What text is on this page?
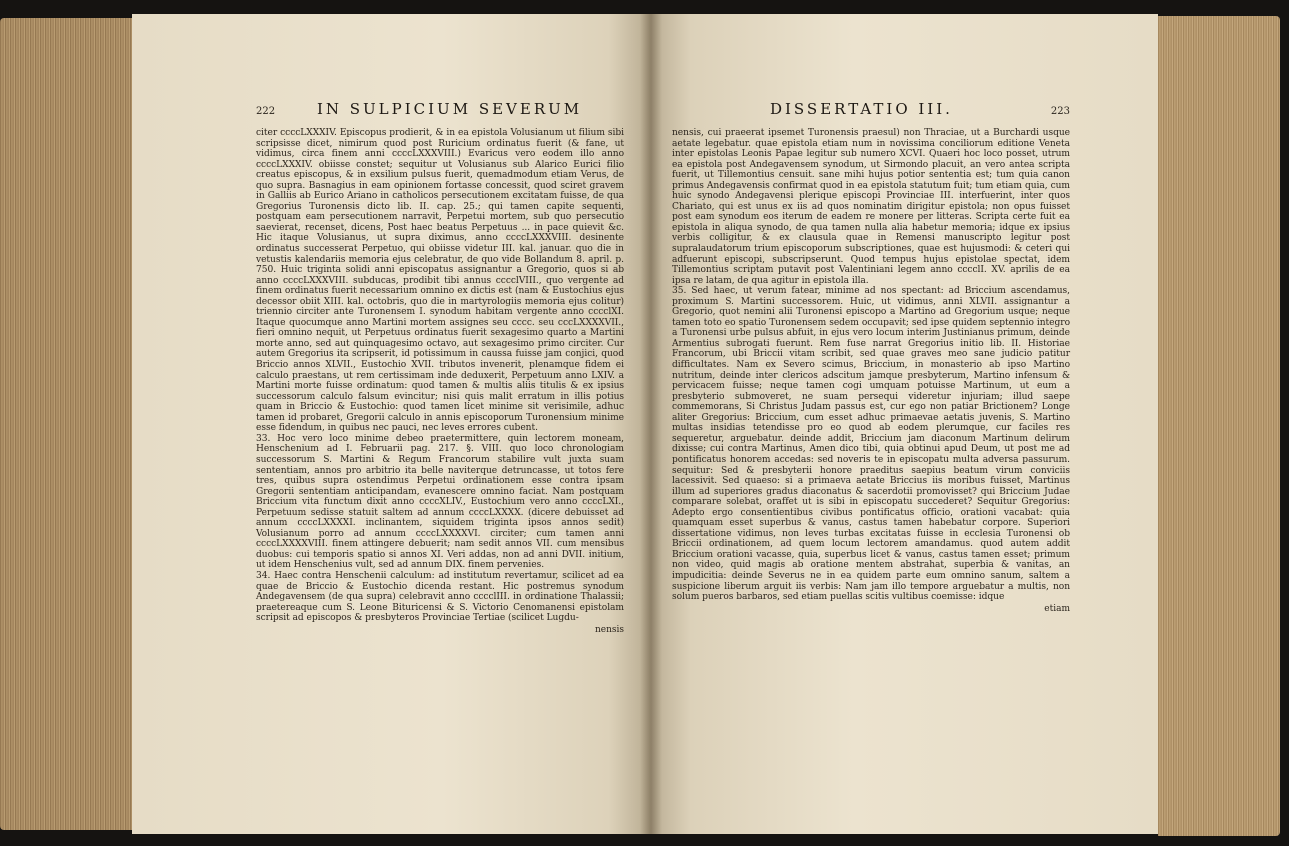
222	IN SULPICIUM SEVERUM

citer ccccLXXXIV. Episcopus prodierit, & in ea epistola Volusianum ut filium sibi scripsisse dicet, nimirum quod post Ruricium ordinatus fuerit (& fane, ut vidimus, circa finem anni ccccLXXXVIII.) Evaricus vero eodem illo anno ccccLXXXIV. obiisse constet; sequitur ut Volusianus sub Alarico Eurici filio creatus episcopus, & in exsilium pulsus fuerit, quemadmodum etiam Verus, de quo supra. Basnagius in eam opinionem fortasse concessit, quod sciret gravem in Galliis ab Eurico Ariano in catholicos persecutionem excitatam fuisse, de qua Gregorius Turonensis dicto lib. II. cap. 25.; qui tamen capite sequenti, postquam eam persecutionem narravit, Perpetui mortem, sub quo persecutio saevierat, recenset, dicens, Post haec beatus Perpetuus ... in pace quievit &c. Hic itaque Volusianus, ut supra diximus, anno ccccLXXXVIII. desinente ordinatus successerat Perpetuo, qui obiisse videtur III. kal. januar. quo die in vetustis kalendariis memoria ejus celebratur, de quo vide Bollandum 8. april. p. 750. Huic triginta solidi anni episcopatus assignantur a Gregorio, quos si ab anno ccccLXXXVIII. subducas, prodibit tibi annus cccclVIII., quo vergente ad finem ordinatus fuerit necessarium omnino ex dictis est (nam & Eustochius ejus decessor obiit XIII. kal. octobris, quo die in martyrologiis memoria ejus colitur) triennio circiter ante Turonensem I. synodum habitam vergente anno cccclXI. Itaque quocumque anno Martini mortem assignes seu cccc. seu cccLXXXXVII., fieri omnino nequit, ut Perpetuus ordinatus fuerit sexagesimo quarto a Martini morte anno, sed aut quinquagesimo octavo, aut sexagesimo primo circiter. Cur autem Gregorius ita scripserit, id potissimum in caussa fuisse jam conjici, quod Briccio annos XLVII., Eustochio XVII. tributos invenerit, plenamque fidem ei calculo praestans, ut rem certissimam inde deduxerit, Perpetuum anno LXIV. a Martini morte fuisse ordinatum: quod tamen & multis aliis titulis & ex ipsius successorum calculo falsum evincitur; nisi quis malit erratum in illis potius quam in Briccio & Eustochio: quod tamen licet minime sit verisimile, adhuc tamen id probaret, Gregorii calculo in annis episcoporum Turonensium minime esse fidendum, in quibus nec pauci, nec leves errores cubent.
33. Hoc vero loco minime debeo praetermittere, quin lectorem moneam, Henschenium ad I. Februarii pag. 217. §. VIII. quo loco chronologiam successorum S. Martini & Regum Francorum stabilire vult juxta suam sententiam, annos pro arbitrio ita belle naviterque detruncasse, ut totos fere tres, quibus supra ostendimus Perpetui ordinationem esse contra ipsam Gregorii sententiam anticipandam, evanescere omnino faciat. Nam postquam Briccium vita functum dixit anno ccccXLIV., Eustochium vero anno ccccLXI., Perpetuum sedisse statuit saltem ad annum ccccLXXXX. (dicere debuisset ad annum ccccLXXXXI. inclinantem, siquidem triginta ipsos annos sedit) Volusianum porro ad annum ccccLXXXXVI. circiter; cum tamen anni ccccLXXXXVIII. finem attingere debuerit; nam sedit annos VII. cum mensibus duobus: cui temporis spatio si annos XI. Veri addas, non ad anni DVII. initium, ut idem Henschenius vult, sed ad annum DIX. finem pervenies.
34. Haec contra Henschenii calculum: ad institutum revertamur, scilicet ad ea quae de Briccio & Eustochio dicenda restant. Hic postremus synodum Andegavensem (de qua supra) celebravit anno cccclIII. in ordinatione Thalassii; praetereaque cum S. Leone Bituricensi & S. Victorio Cenomanensi epistolam scripsit ad episcopos & presbyteros Provinciae Tertiae (scilicet Lugdu-

nensis
DISSERTATIO III.	223

nensis, cui praeerat ipsemet Turonensis praesul) non Thraciae, ut a Burchardi usque aetate legebatur. quae epistola etiam num in novissima conciliorum editione Veneta inter epistolas Leonis Papae legitur sub numero XCVI. Quaeri hoc loco posset, utrum ea epistola post Andegavensem synodum, ut Sirmondo placuit, an vero antea scripta fuerit, ut Tillemontius censuit. sane mihi hujus potior sententia est; tum quia canon primus Andegavensis confirmat quod in ea epistola statutum fuit; tum etiam quia, cum huic synodo Andegavensi plerique episcopi Provinciae III. interfuerint, inter quos Chariato, qui est unus ex iis ad quos nominatim dirigitur epistola; non opus fuisset post eam synodum eos iterum de eadem re monere per litteras. Scripta certe fuit ea epistola in aliqua synodo, de qua tamen nulla alia habetur memoria; idque ex ipsius verbis colligitur, & ex clausula quae in Remensi manuscripto legitur post supralaudatorum trium episcoporum subscriptiones, quae est hujusmodi: & ceteri qui adfuerunt episcopi, subscripserunt. Quod tempus hujus epistolae spectat, idem Tillemontius scriptam putavit post Valentiniani legem anno cccclI. XV. aprilis de ea ipsa re latam, de qua agitur in epistola illa.
35. Sed haec, ut verum fatear, minime ad nos spectant: ad Briccium ascendamus, proximum S. Martini successorem. Huic, ut vidimus, anni XLVII. assignantur a Gregorio, quot nemini alii Turonensi episcopo a Martino ad Gregorium usque; neque tamen toto eo spatio Turonensem sedem occupavit; sed ipse quidem septennio integro a Turonensi urbe pulsus abfuit, in ejus vero locum interim Justinianus primum, deinde Armentius subrogati fuerunt. Rem fuse narrat Gregorius initio lib. II. Historiae Francorum, ubi Briccii vitam scribit, sed quae graves meo sane judicio patitur difficultates. Nam ex Severo scimus, Briccium, in monasterio ab ipso Martino nutritum, deinde inter clericos adscitum jamque presbyterum, Martino infensum & pervicacem fuisse; neque tamen cogi umquam potuisse Martinum, ut eum a presbyterio submoveret, ne suam persequi videretur injuriam; illud saepe commemorans, Si Christus Judam passus est, cur ego non patiar Brictionem? Longe aliter Gregorius: Briccium, cum esset adhuc primaevae aetatis juvenis, S. Martino multas insidias tetendisse pro eo quod ab eodem plerumque, cur faciles res sequeretur, arguebatur. deinde addit, Briccium jam diaconum Martinum delirum dixisse; cui contra Martinus, Amen dico tibi, quia obtinui apud Deum, ut post me ad pontificatus honorem accedas: sed noveris te in episcopatu multa adversa passurum. sequitur: Sed & presbyterii honore praeditus saepius beatum virum conviciis lacessivit. Sed quaeso: si a primaeva aetate Briccius iis moribus fuisset, Martinus illum ad superiores gradus diaconatus & sacerdotii promovisset? qui Briccium Judae comparare solebat, oraffet ut is sibi in episcopatu succederet? Sequitur Gregorius: Adepto ergo consentientibus civibus pontificatus officio, orationi vacabat: quia quamquam esset superbus & vanus, castus tamen habebatur corpore. Superiori dissertatione vidimus, non leves turbas excitatas fuisse in ecclesia Turonensi ob Briccii ordinationem, ad quem locum lectorem amandamus. quod autem addit Briccium orationi vacasse, quia, superbus licet & vanus, castus tamen esset; primum non video, quid magis ab oratione mentem abstrahat, superbia & vanitas, an impudicitia: deinde Severus ne in ea quidem parte eum omnino sanum, saltem a suspicione liberum arguit iis verbis: Nam jam illo tempore arguebatur a multis, non solum pueros barbaros, sed etiam puellas scitis vultibus coemisse: idque

etiam
